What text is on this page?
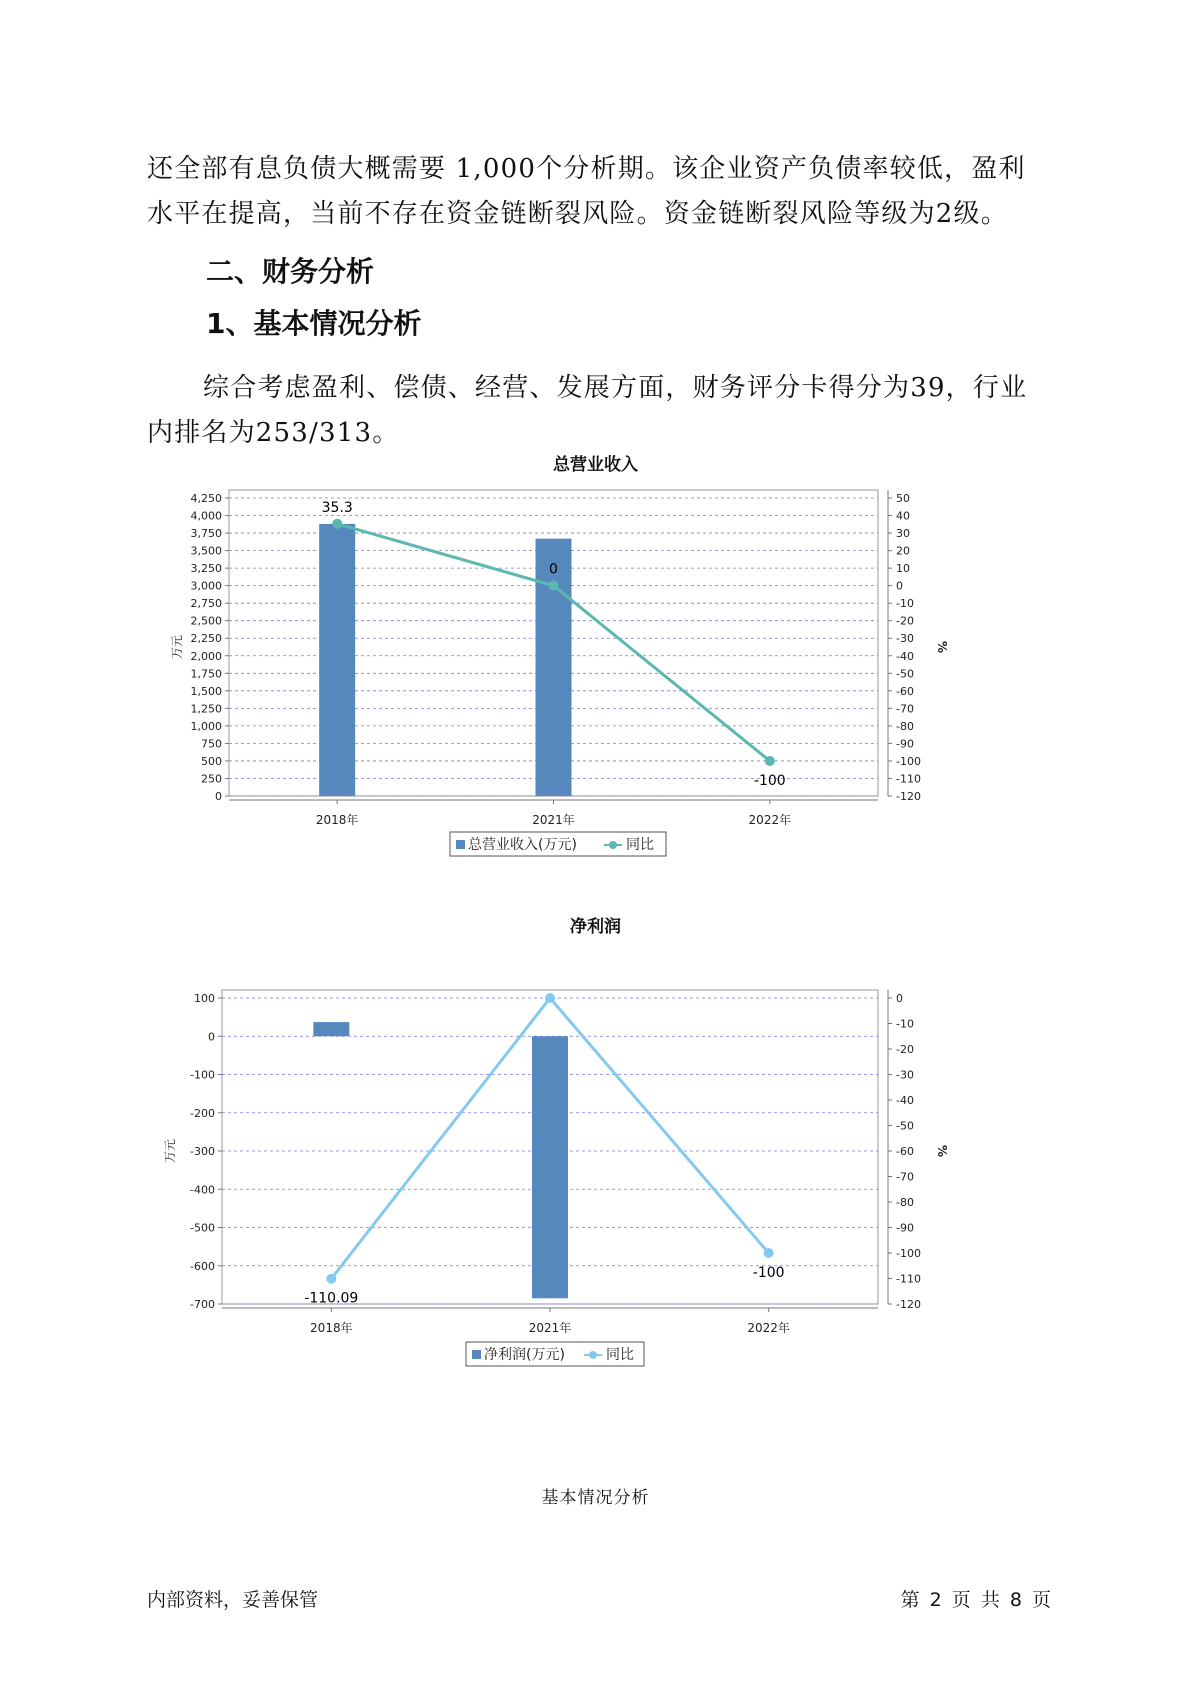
还全部有息负债大概需要 1,000个分析期。该企业资产负债率较低，盈利
水平在提高，当前不存在资金链断裂风险。资金链断裂风险等级为2级。
二、财务分析
1、基本情况分析
综合考虑盈利、偿债、经营、发展方面，财务评分卡得分为39，行业
内排名为253/313。
0
250
500
750
1,000
1,250
1,500
1,750
2,000
2,250
2,500
2,750
3,000
3,250
3,500
3,750
4,000
4,250	50
40
30
20
10
0
-10
-20
-30
-40
-50
-60
-70
-80
-90
-100
-110
-120
万元	%
2018年	2021年	2022年
35.3
0
-100
总营业收入(万元)	同比
100
0
-100
-200
-300
-400
-500
-600
-700
0
-10
-20
-30
-40
-50
-60
-70
-80
-90
-100
-110
-120
万元	%
2018年	2021年	2022年
-110.09
-100
净利润(万元)	同比
基本情况分析
内部资料，妥善保管	第 2 页 共 8 页
总营业收入
净利润
